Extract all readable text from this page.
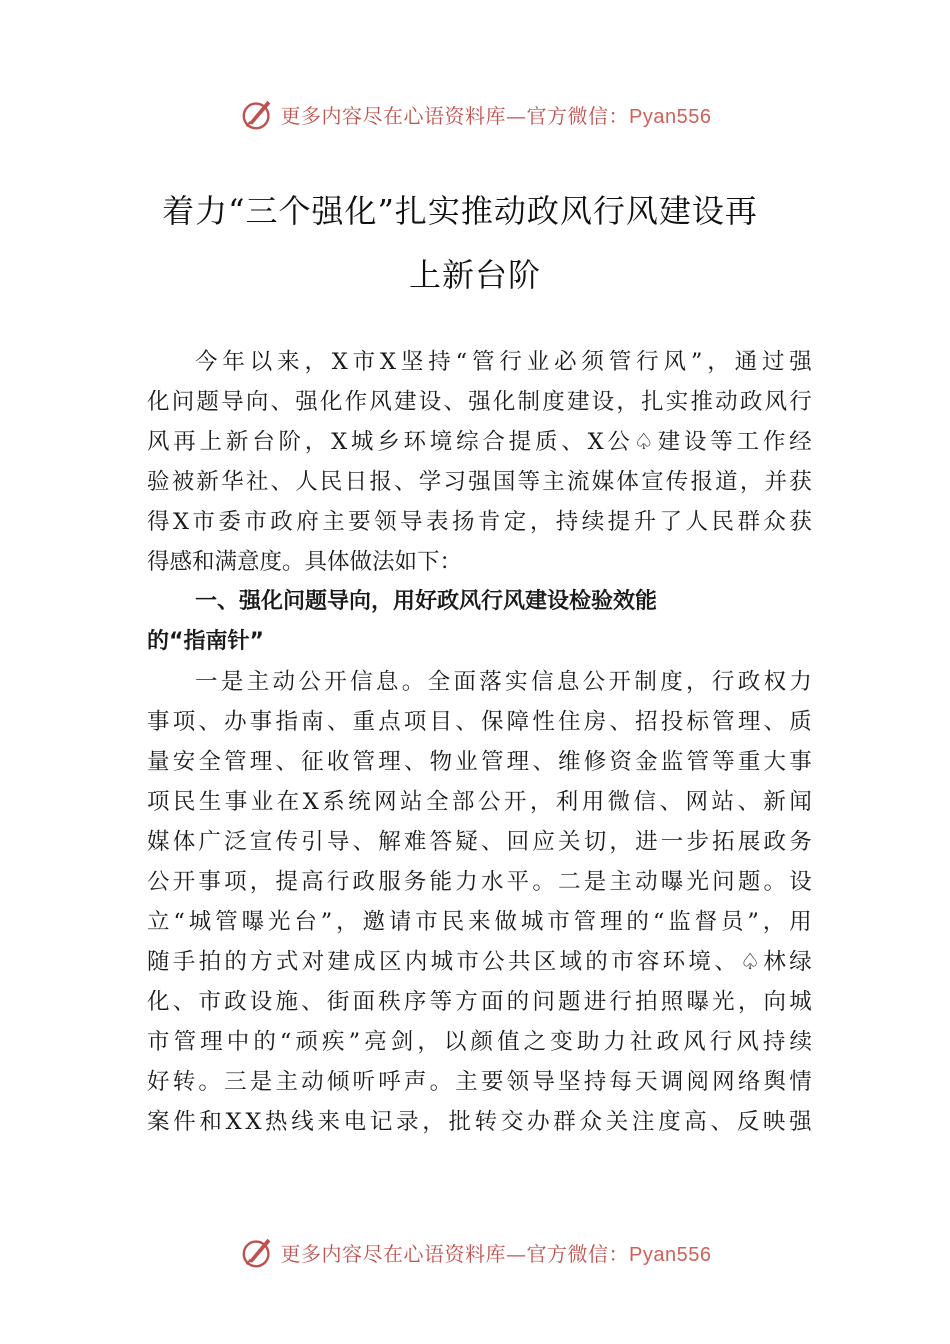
更多内容尽在心语资料库—官方微信：Pyan556
着力“三个强化”扎实推动政风行风建设再
上新台阶
今 年 以 来 ， X 市 X 坚 持 “ 管 行 业 必 须 管 行 风 ” ， 通 过 强
化 问 题 导 向 、 强 化 作 风 建 设 、 强 化 制 度 建 设 ， 扎 实 推 动 政 风 行
风 再 上 新 台 阶 ， X 城 乡 环 境 综 合 提 质 、 X 公 ♤ 建 设 等 工 作 经
验 被 新 华 社 、 人 民 日 报 、 学 习 强 国 等 主 流 媒 体 宣 传 报 道 ， 并 获
得 X 市 委 市 政 府 主 要 领 导 表 扬 肯 定 ， 持 续 提 升 了 人 民 群 众 获
得感和满意度。具体做法如下：
一、强化问题导向，用好政风行风建设检验效能
的“指南针”
一 是 主 动 公 开 信 息 。 全 面 落 实 信 息 公 开 制 度 ， 行 政 权 力
事 项 、 办 事 指 南 、 重 点 项 目 、 保 障 性 住 房 、 招 投 标 管 理 、 质
量 安 全 管 理 、 征 收 管 理 、 物 业 管 理 、 维 修 资 金 监 管 等 重 大 事
项 民 生 事 业 在 X 系 统 网 站 全 部 公 开 ， 利 用 微 信 、 网 站 、 新 闻
媒 体 广 泛 宣 传 引 导 、 解 难 答 疑 、 回 应 关 切 ， 进 一 步 拓 展 政 务
公 开 事 项 ， 提 高 行 政 服 务 能 力 水 平 。 二 是 主 动 曝 光 问 题 。 设
立 “ 城 管 曝 光 台 ” ， 邀 请 市 民 来 做 城 市 管 理 的 “ 监 督 员 ” ， 用
随 手 拍 的 方 式 对 建 成 区 内 城 市 公 共 区 域 的 市 容 环 境 、 ♤ 林 绿
化 、 市 政 设 施 、 街 面 秩 序 等 方 面 的 问 题 进 行 拍 照 曝 光 ， 向 城
市 管 理 中 的 “ 顽 疾 ” 亮 剑 ， 以 颜 值 之 变 助 力 社 政 风 行 风 持 续
好 转 。 三 是 主 动 倾 听 呼 声 。 主 要 领 导 坚 持 每 天 调 阅 网 络 舆 情
案 件 和 X X 热 线 来 电 记 录 ， 批 转 交 办 群 众 关 注 度 高 、 反 映 强
更多内容尽在心语资料库—官方微信：Pyan556
